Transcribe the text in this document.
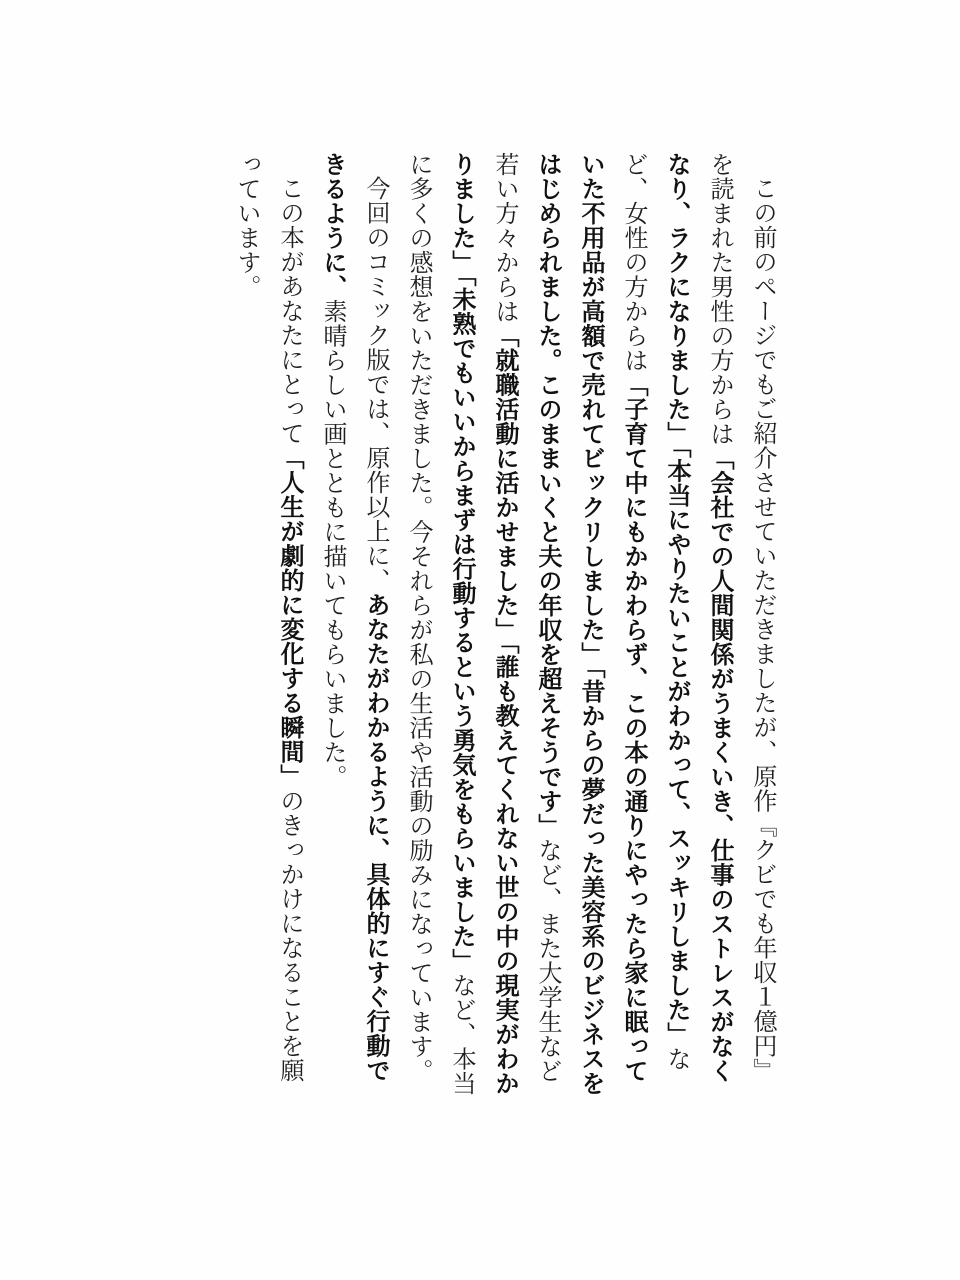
この前のページでもご紹介させていただきましたが、原作『クビでも年収１億円』を読まれた男性の方からは「会社での人間関係がうまくいき、仕事のストレスがなくなり、ラクになりました」「本当にやりたいことがわかって、スッキリしました」など、女性の方からは「子育て中にもかかわらず、この本の通りにやったら家に眠っていた不用品が高額で売れてビックリしました」「昔からの夢だった美容系のビジネスをはじめられました。このままいくと夫の年収を超えそうです」など、また大学生など若い方々からは「就職活動に活かせました」「誰も教えてくれない世の中の現実がわかりました」「未熟でもいいからまずは行動するという勇気をもらいました」など、本当に多くの感想をいただきました。今それらが私の生活や活動の励みになっています。

今回のコミック版では、原作以上に、あなたがわかるように、具体的にすぐ行動できるように、素晴らしい画とともに描いてもらいました。

この本があなたにとって「人生が劇的に変化する瞬間」のきっかけになることを願っています。
